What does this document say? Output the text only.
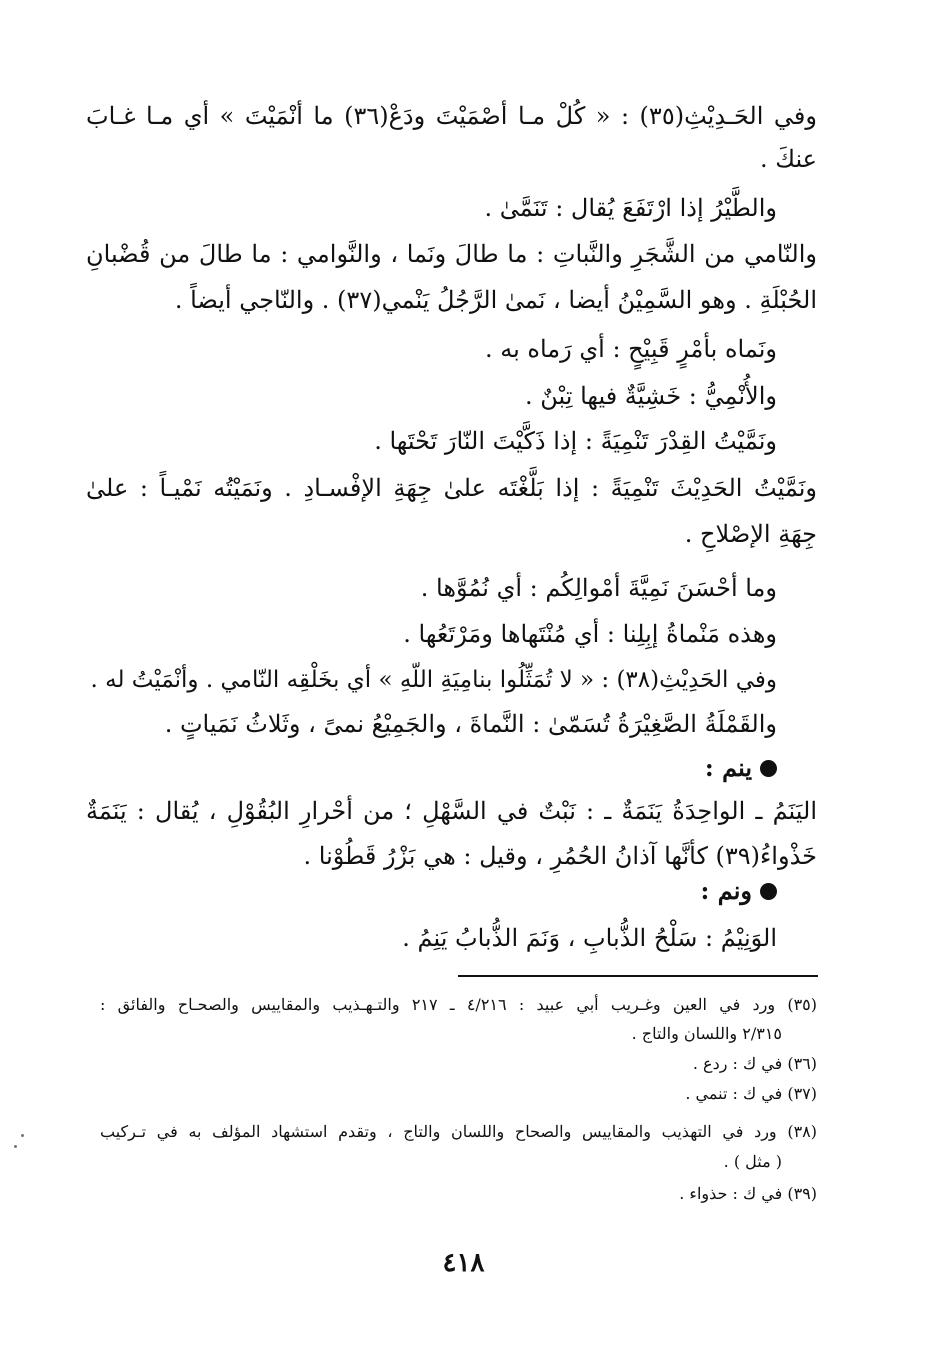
وفي الحَـدِيْثِ(٣٥) : « كُلْ مـا أصْمَيْتَ ودَعْ(٣٦) ما أنْمَيْتَ » أي مـا غـابَ
عنكَ .
والطَّيْرُ إذا ارْتَفَعَ يُقال : تَنَمَّىٰ .
والنّامي من الشَّجَرِ والنَّباتِ : ما طالَ ونَما ، والنَّوامي : ما طالَ من قُضْبانِ
الحُبْلَةِ . وهو السَّمِيْنُ أيضا ، نَمىٰ الرَّجُلُ يَنْمي(٣٧) . والنّاجي أيضاً .
ونَماه بأمْرٍ قَبِيْحٍ : أي رَماه به .
والأُنْمِيُّ : خَشِيَّةٌ فيها تِبْنٌ .
ونَمَّيْتُ القِدْرَ تَنْمِيَةً : إذا ذَكَّيْتَ النّارَ تَحْتَها .
ونَمَّيْتُ الحَدِيْثَ تَنْمِيَةً : إذا بَلَّغْتَه علىٰ جِهَةِ الإفْسـادِ . ونَمَيْتُه نَمْيـاً : علىٰ
جِهَةِ الإصْلاحِ .
وما أحْسَنَ نَمِيَّةَ أمْوالِكُم : أي نُمُوَّها .
وهذه مَنْماةُ إبِلِنا : أي مُنْتَهاها ومَرْتَعُها .
وفي الحَدِيْثِ(٣٨) : « لا تُمَثِّلُوا بنامِيَةِ اللّهِ » أي بخَلْقِه النّامي . وأنْمَيْتُ له .
والقَمْلَةُ الصَّغِيْرَةُ تُسَمّىٰ : النَّماةَ ، والجَمِيْعُ نمىً ، وثَلاثُ نَمَياتٍ .
ينم :
اليَنَمُ ـ الواحِدَةُ يَنَمَةٌ ـ : نَبْتٌ في السَّهْلِ ؛ من أحْرارِ البُقُوْلِ ، يُقال : يَنَمَةٌ
خَذْواءُ(٣٩) كأنَّها آذانُ الحُمُرِ ، وقيل : هي بَزْرُ قَطُوْنا .
ونم :
الوَنِيْمُ : سَلْحُ الذُّبابِ ، وَنَمَ الذُّبابُ يَنِمُ .
(٣٥) ورد في العين وغـريب أبي عبيد : ٤/٢١٦ ـ ٢١٧ والتـهـذيب والمقاييس والصحـاح والفائق :
٢/٣١٥ واللسان والتاج .
(٣٦) في ك : ردع .
(٣٧) في ك : تنمي .
(٣٨) ورد في التهذيب والمقاييس والصحاح واللسان والتاج ، وتقدم استشهاد المؤلف به في تـركيب
( مثل ) .
(٣٩) في ك : حذواء .
٤١٨
